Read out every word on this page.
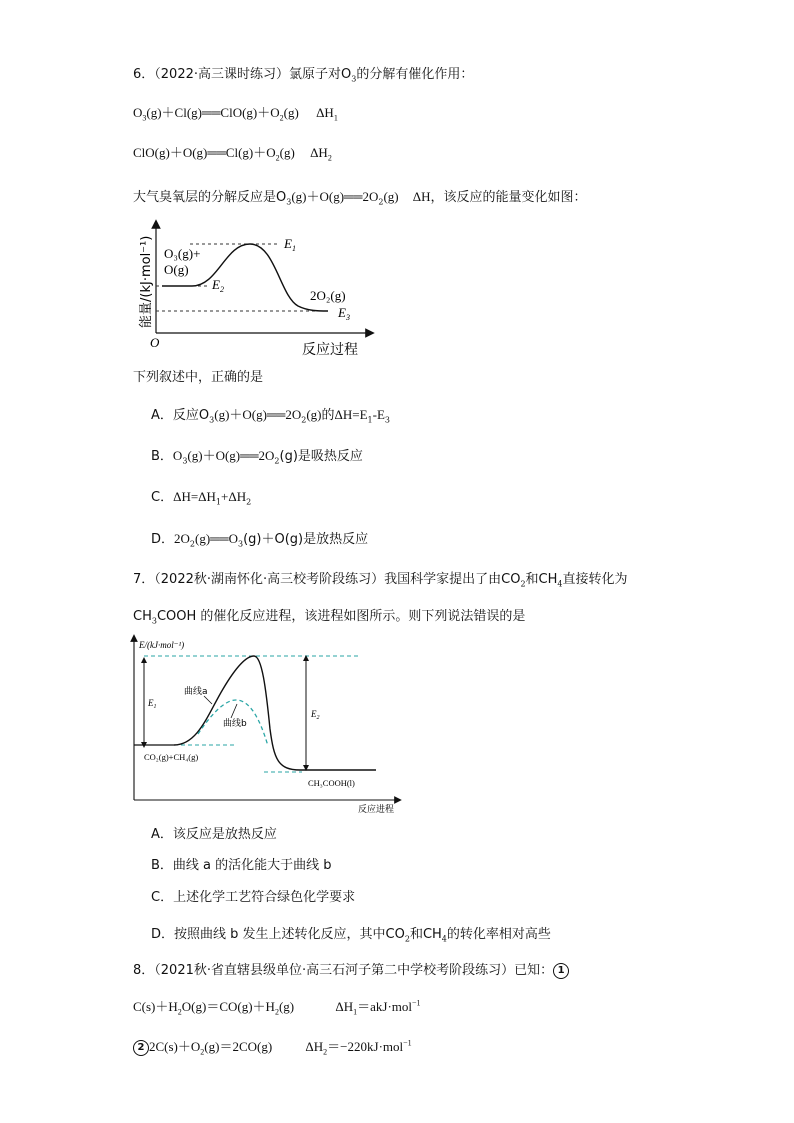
6．（2022·高三课时练习）氯原子对$O_3$的分解有催化作用：
$O_3(g)+Cl(g)══ClO(g)+O_2(g)$ $\Delta H_1$
$ClO(g)+O(g)══Cl(g)+O_2(g)$ $\Delta H_2$
大气臭氧层的分解反应是$O_3(g)+O(g)══2O_2(g)$ ΔH，该反应的能量变化如图：
能量/(kJ·mol⁻¹) O₃(g)+
O(g)
$E_1$
$E_2$	2O₂(g)
$E_3$
O	反应过程
下列叙述中，正确的是
A．反应$O_3(g)+O(g)══2O_2(g)$的$\Delta H=E_1-E_3$
B．$O_3(g)+O(g)══2O_2(g)$是吸热反应
C．$\Delta H=\Delta H_1+\Delta H_2$
D．$2O_2(g)══O_3(g)+O(g)$是放热反应
7．（2022秋·湖南怀化·高三校考阶段练习）我国科学家提出了由$CO_2$和$CH_4$直接转化为
$CH_3COOH$ 的催化反应进程，该进程如图所示。则下列说法错误的是
E/(kJ·mol⁻¹)
$E_1$
$E_2$
曲线a
曲线b
CO₂(g)+CH₄(g)
CH₃COOH(l)
反应进程
A．该反应是放热反应
B．曲线 a 的活化能大于曲线 b
C．上述化学工艺符合绿色化学要求
D．按照曲线 b 发生上述转化反应，其中$CO_2$和$CH_4$的转化率相对高些
8．（2021秋·省直辖县级单位·高三石河子第二中学校考阶段练习）已知： 1
$C(s)+H_2O(g)=CO(g)+H_2(g)$	$\Delta H_1=akJ\cdot mol^{-1}$
2 $2C(s)+O_2(g)=2CO(g)$	$\Delta H_2=-220kJ\cdot mol^{-1}$
